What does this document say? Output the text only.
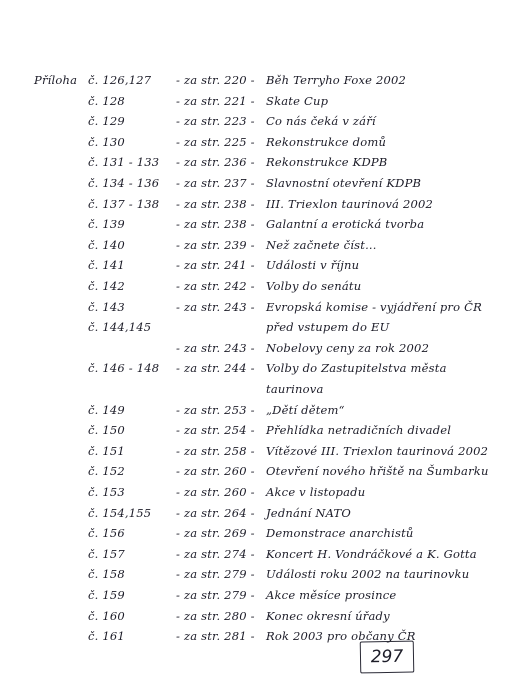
Příloha č. 126,127 - za str. 220 - Běh Terryho Foxe 2002
č. 128	- za str. 221 - Skate Cup
č. 129	- za str. 223 - Co nás čeká v září
č. 130	- za str. 225 - Rekonstrukce domů
č. 131 - 133 - za str. 236 - Rekonstrukce KDPB
č. 134 - 136 - za str. 237 - Slavnostní otevření KDPB
č. 137 - 138 - za str. 238 - III. Triexlon taurinová 2002
č. 139	- za str. 238 - Galantní a erotická tvorba
č. 140	- za str. 239 - Než začnete číst...
č. 141	- za str. 241 - Události v říjnu
č. 142	- za str. 242 - Volby do senátu
č. 143	- za str. 243 - Evropská komise - vyjádření pro ČR
č. 144,145	před vstupem do EU
- za str. 243 - Nobelovy ceny za rok 2002
č. 146 - 148 - za str. 244 - Volby do Zastupitelstva města
taurinova
č. 149	- za str. 253 - „Dětí dětem“
č. 150	- za str. 254 - Přehlídka netradičních divadel
č. 151	- za str. 258 - Vítězové III. Triexlon taurinová 2002
č. 152	- za str. 260 - Otevření nového hřiště na Šumbarku
č. 153	- za str. 260 - Akce v listopadu
č. 154,155 - za str. 264 - Jednání NATO
č. 156	- za str. 269 - Demonstrace anarchistů
č. 157	- za str. 274 - Koncert H. Vondráčkové a K. Gotta
č. 158	- za str. 279 - Události roku 2002 na taurinovku
č. 159	- za str. 279 - Akce měsíce prosince
č. 160	- za str. 280 - Konec okresní úřady
č. 161	- za str. 281 - Rok 2003 pro občany ČR
297
